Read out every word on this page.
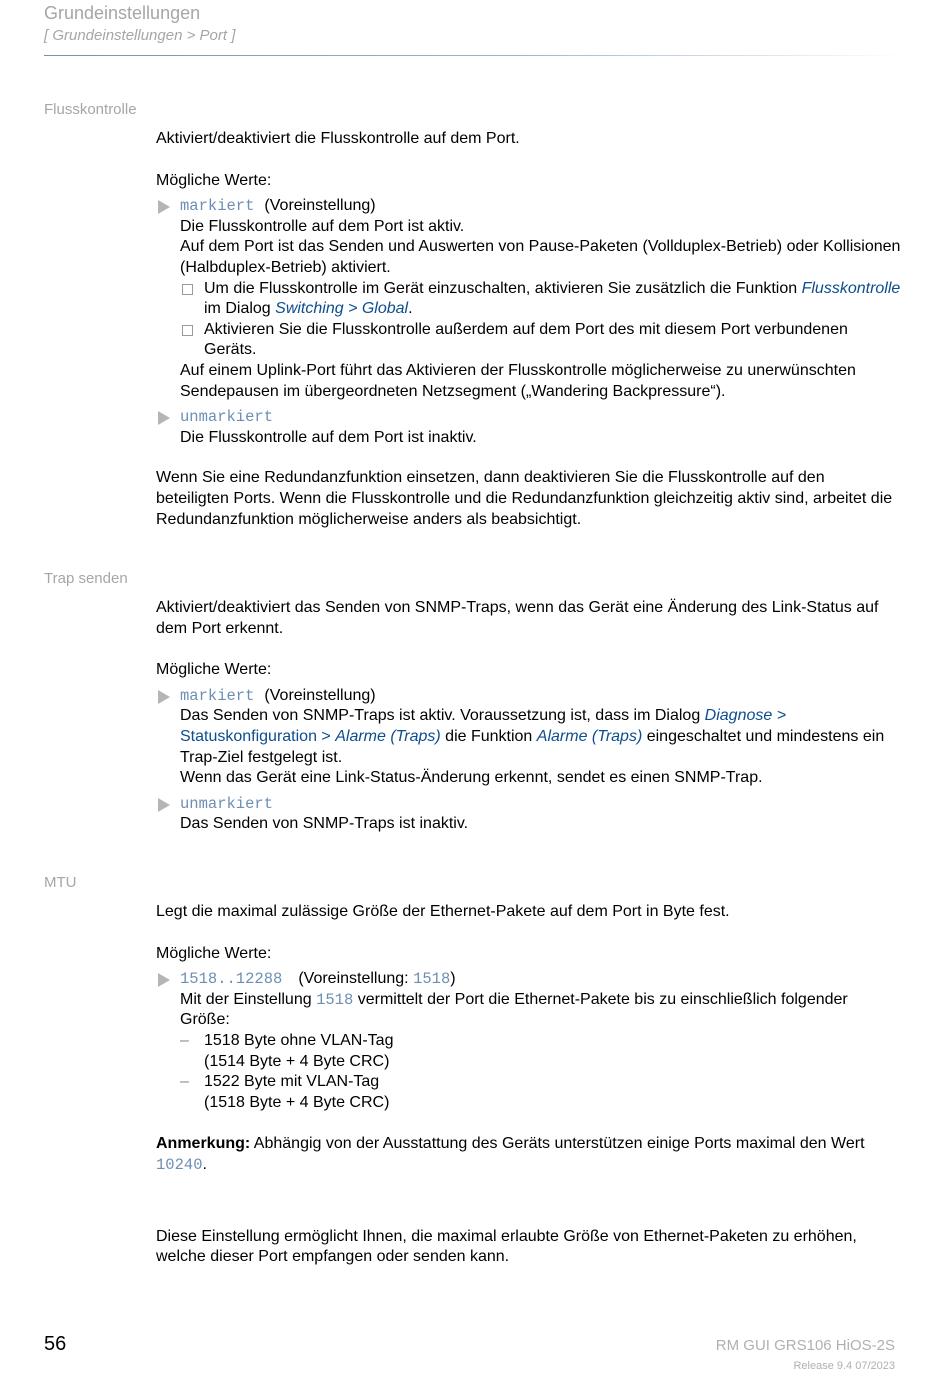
Grundeinstellungen
[ Grundeinstellungen > Port ]
Flusskontrolle

Aktiviert/deaktiviert die Flusskontrolle auf dem Port.

Mögliche Werte:

markiert (Voreinstellung)
Die Flusskontrolle auf dem Port ist aktiv.
Auf dem Port ist das Senden und Auswerten von Pause-Paketen (Vollduplex-Betrieb) oder Kollisionen (Halbduplex-Betrieb) aktiviert.
Um die Flusskontrolle im Gerät einzuschalten, aktivieren Sie zusätzlich die Funktion Flusskontrolle im Dialog Switching > Global.
Aktivieren Sie die Flusskontrolle außerdem auf dem Port des mit diesem Port verbundenen Geräts.
Auf einem Uplink-Port führt das Aktivieren der Flusskontrolle möglicherweise zu unerwünschten Sendepausen im übergeordneten Netzsegment („Wandering Backpressure“).
unmarkiert
Die Flusskontrolle auf dem Port ist inaktiv.

Wenn Sie eine Redundanzfunktion einsetzen, dann deaktivieren Sie die Flusskontrolle auf den beteiligten Ports. Wenn die Flusskontrolle und die Redundanzfunktion gleichzeitig aktiv sind, arbeitet die Redundanzfunktion möglicherweise anders als beabsichtigt.

Trap senden

Aktiviert/deaktiviert das Senden von SNMP-Traps, wenn das Gerät eine Änderung des Link-Status auf dem Port erkennt.

Mögliche Werte:

markiert (Voreinstellung)
Das Senden von SNMP-Traps ist aktiv. Voraussetzung ist, dass im Dialog Diagnose > Statuskonfiguration > Alarme (Traps) die Funktion Alarme (Traps) eingeschaltet und mindestens ein Trap-Ziel festgelegt ist.
Wenn das Gerät eine Link-Status-Änderung erkennt, sendet es einen SNMP-Trap.
unmarkiert
Das Senden von SNMP-Traps ist inaktiv.
MTU

Legt die maximal zulässige Größe der Ethernet-Pakete auf dem Port in Byte fest.

Mögliche Werte:

1518..12288 (Voreinstellung: 1518)
Mit der Einstellung 1518 vermittelt der Port die Ethernet-Pakete bis zu einschließlich folgender Größe:
– 1518 Byte ohne VLAN-Tag
(1514 Byte + 4 Byte CRC)
– 1522 Byte mit VLAN-Tag
(1518 Byte + 4 Byte CRC)

Anmerkung: Abhängig von der Ausstattung des Geräts unterstützen einige Ports maximal den Wert 10240.

Diese Einstellung ermöglicht Ihnen, die maximal erlaubte Größe von Ethernet-Paketen zu erhöhen, welche dieser Port empfangen oder senden kann.

56	RM GUI GRS106 HiOS-2S
Release 9.4 07/2023
